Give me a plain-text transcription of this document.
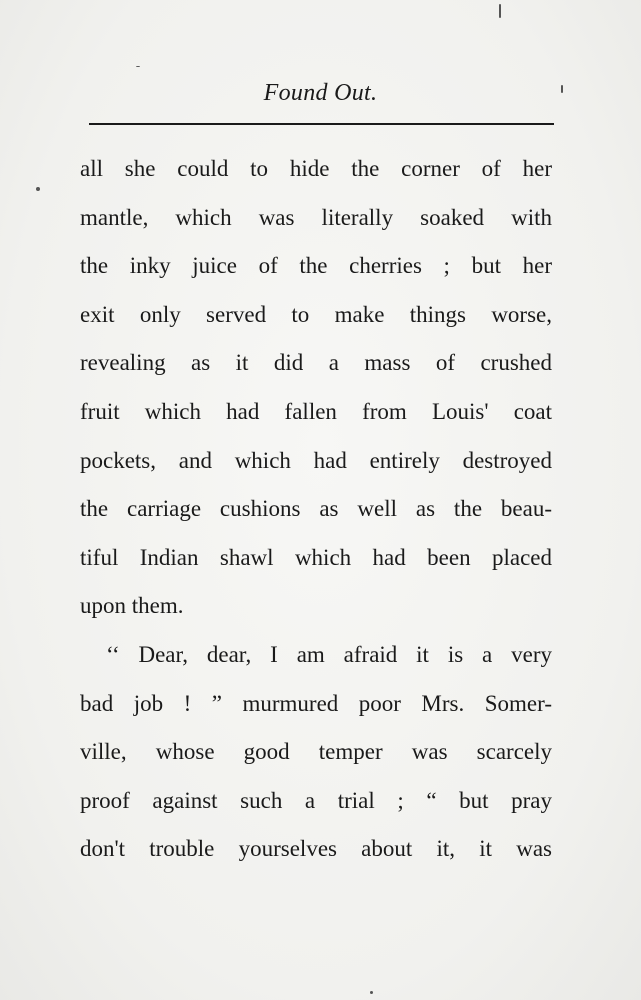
Found Out.
all she could to hide the corner of her
mantle, which was literally soaked with
the inky juice of the cherries ; but her
exit only served to make things worse,
revealing as it did a mass of crushed
fruit which had fallen from Louis' coat
pockets, and which had entirely destroyed
the carriage cushions as well as the beau-
tiful Indian shawl which had been placed
upon them.
‘‘ Dear, dear, I am afraid it is a very
bad job ! ” murmured poor Mrs. Somer-
ville, whose good temper was scarcely
proof against such a trial ; “ but pray
don't trouble yourselves about it, it was
